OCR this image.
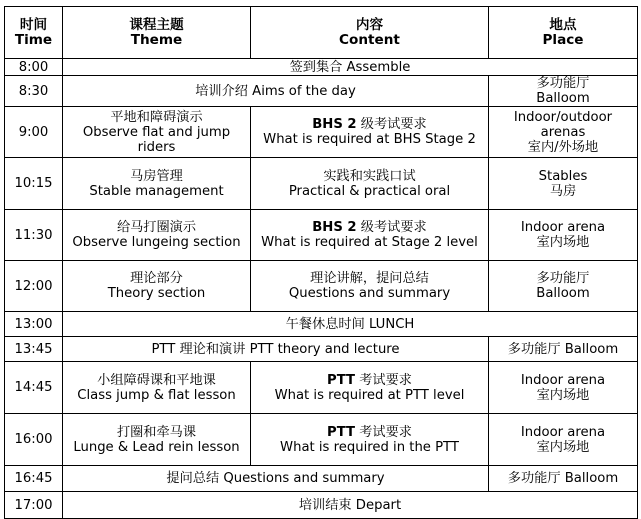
时间
Time	课程主题
Theme	内容
Content	地点
Place

8:00	签到集合 Assemble		
8:30	培训介绍 Aims of the day		多功能厅
Balloom

9:00	平地和障碍演示
Observe flat and jump
riders	BHS 2 级考试要求
What is required at BHS Stage 2	Indoor/outdoor
arenas
室内/外场地

10:15	马房管理
Stable management	实践和实践口试
Practical & practical oral	Stables
马房

11:30	给马打圈演示
Observe lungeing section	BHS 2 级考试要求
What is required at Stage 2 level	Indoor arena
室内场地

12:00	理论部分
Theory section	理论讲解，提问总结
Questions and summary	多功能厅
Balloom

13:00	午餐休息时间 LUNCH		
13:45	PTT 理论和演讲 PTT theory and lecture		多功能厅 Balloom
14:45	小组障碍课和平地课
Class jump & flat lesson	PTT 考试要求
What is required at PTT level	Indoor arena
室内场地

16:00	打圈和牵马课
Lunge & Lead rein lesson	PTT 考试要求
What is required in the PTT	Indoor arena
室内场地

16:45	提问总结 Questions and summary		多功能厅 Balloom
17:00	培训结束 Depart		
